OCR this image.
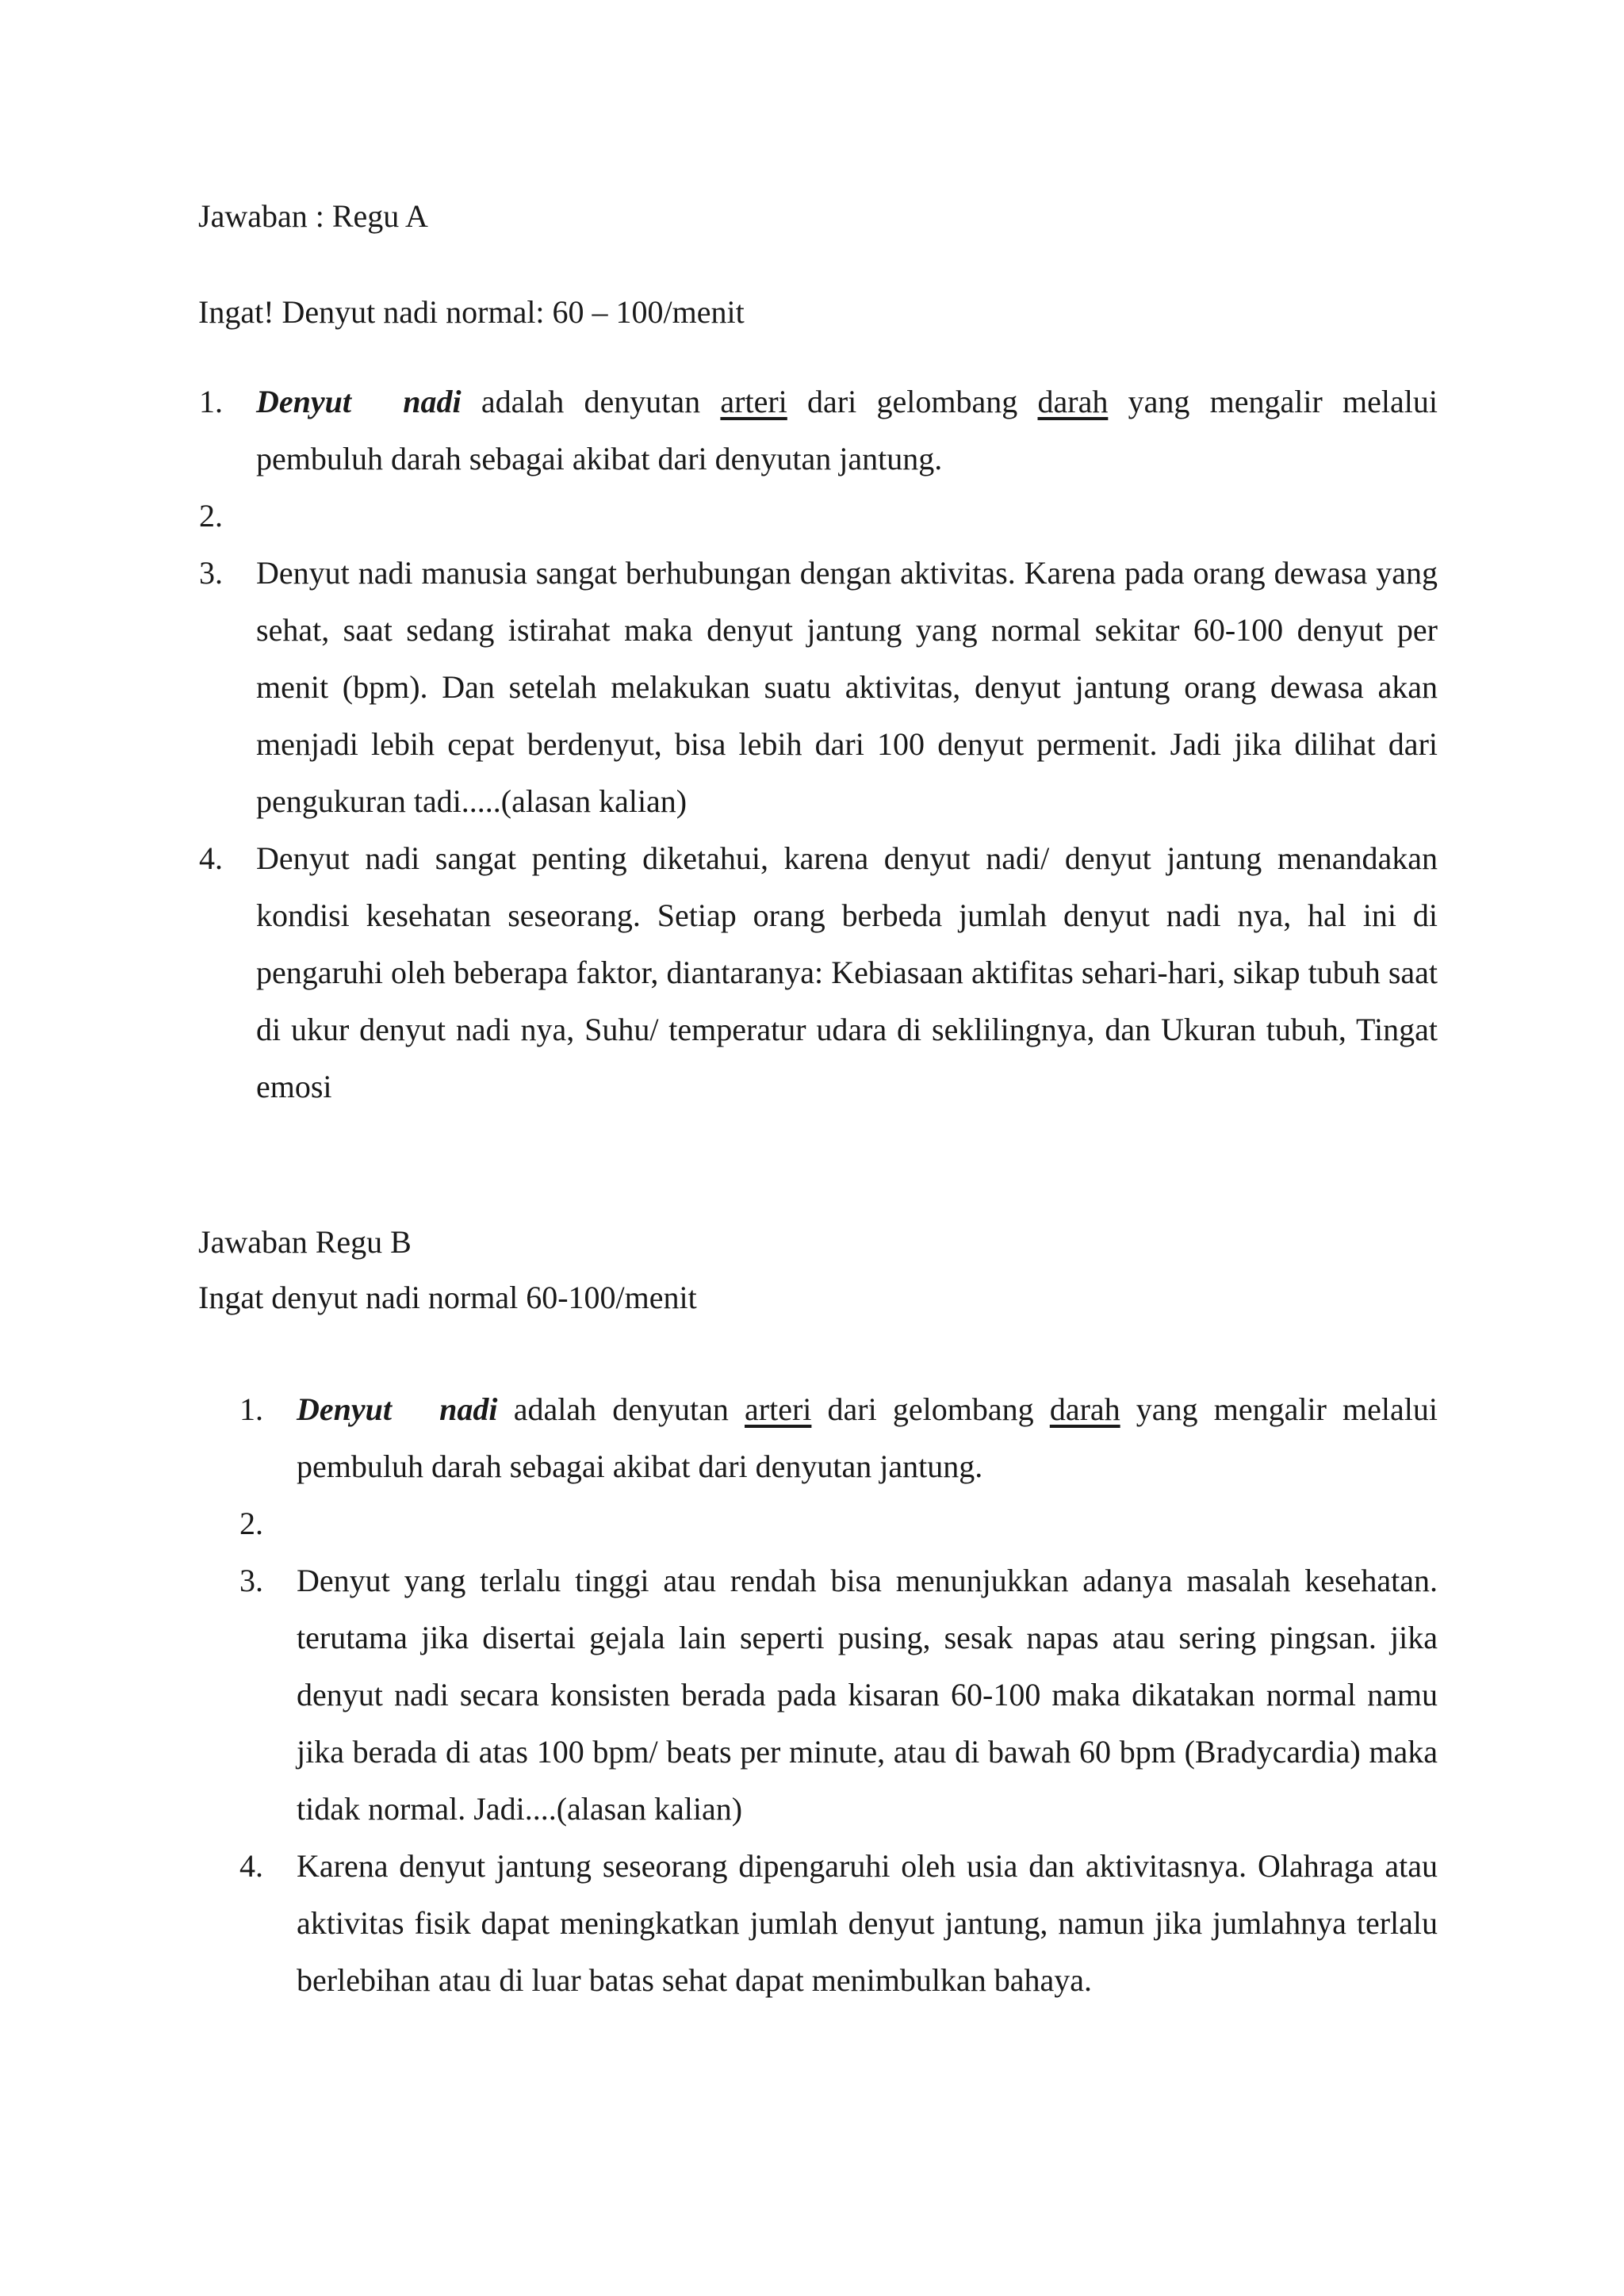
Jawaban : Regu A

Ingat! Denyut nadi normal: 60 – 100/menit

1.	Denyut nadi adalah denyutan arteri dari gelombang darah yang mengalir melalui pembuluh darah sebagai akibat dari denyutan jantung.
2.
3.	Denyut nadi manusia sangat berhubungan dengan aktivitas. Karena pada orang dewasa yang sehat, saat sedang istirahat maka denyut jantung yang normal sekitar 60-100 denyut per menit (bpm). Dan setelah melakukan suatu aktivitas, denyut jantung orang dewasa akan menjadi lebih cepat berdenyut, bisa lebih dari 100 denyut permenit. Jadi jika dilihat dari pengukuran tadi.....(alasan kalian)
4.	Denyut nadi sangat penting diketahui, karena denyut nadi/ denyut jantung menandakan kondisi kesehatan seseorang. Setiap orang berbeda jumlah denyut nadi nya, hal ini di pengaruhi oleh beberapa faktor, diantaranya: Kebiasaan aktifitas sehari-hari, sikap tubuh saat di ukur denyut nadi nya, Suhu/ temperatur udara di seklilingnya, dan Ukuran tubuh, Tingat emosi

Jawaban Regu B

Ingat denyut nadi normal 60-100/menit

1.	Denyut nadi adalah denyutan arteri dari gelombang darah yang mengalir melalui pembuluh darah sebagai akibat dari denyutan jantung.
2.
3.	Denyut yang terlalu tinggi atau rendah bisa menunjukkan adanya masalah kesehatan. terutama jika disertai gejala lain seperti pusing, sesak napas atau sering pingsan. jika denyut nadi secara konsisten berada pada kisaran 60-100 maka dikatakan normal namu jika berada di atas 100 bpm/ beats per minute, atau di bawah 60 bpm (Bradycardia) maka tidak normal. Jadi....(alasan kalian)
4.	Karena denyut jantung seseorang dipengaruhi oleh usia dan aktivitasnya. Olahraga atau aktivitas fisik dapat meningkatkan jumlah denyut jantung, namun jika jumlahnya terlalu berlebihan atau di luar batas sehat dapat menimbulkan bahaya.
